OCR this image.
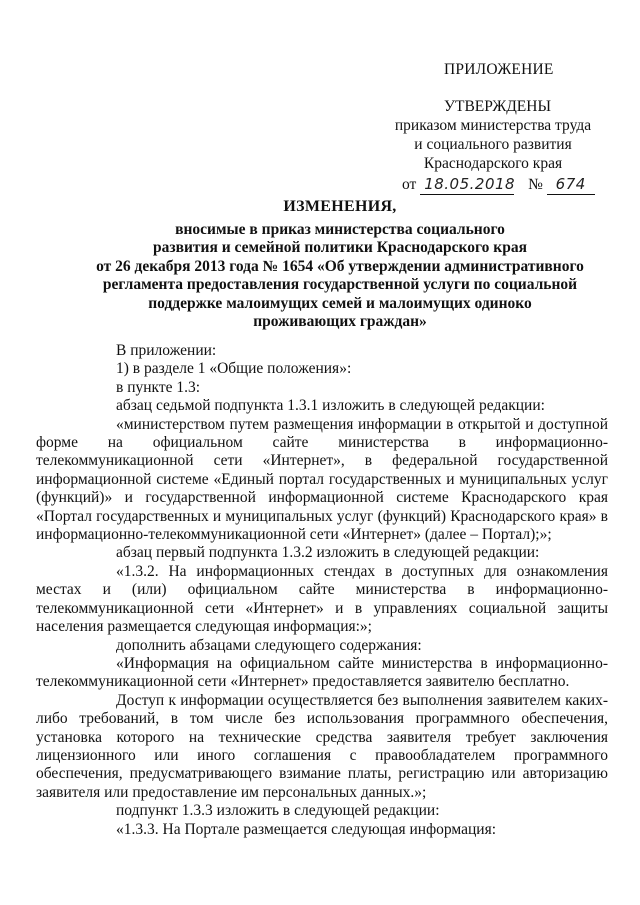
ПРИЛОЖЕНИЕ
УТВЕРЖДЕНЫ
приказом министерства труда
и социального развития
Краснодарского края
от 18.05.2018 № 674
ИЗМЕНЕНИЯ,
вносимые в приказ министерства социального
развития и семейной политики Краснодарского края
от 26 декабря 2013 года № 1654 «Об утверждении административного
регламента предоставления государственной услуги по социальной
поддержке малоимущих семей и малоимущих одиноко
проживающих граждан»

В приложении:

1) в разделе 1 «Общие положения»:

в пункте 1.3:

абзац седьмой подпункта 1.3.1 изложить в следующей редакции:

«министерством путем размещения информации в открытой и доступной форме на официальном сайте министерства в информационно-телекоммуникационной сети «Интернет», в федеральной государственной информационной системе «Единый портал государственных и муниципальных услуг (функций)» и государственной информационной системе Краснодарского края «Портал государственных и муниципальных услуг (функций) Краснодарского края» в информационно-телекоммуникационной сети «Интернет» (далее – Портал);»;

абзац первый подпункта 1.3.2 изложить в следующей редакции:

«1.3.2. На информационных стендах в доступных для ознакомления местах и (или) официальном сайте министерства в информационно-телекоммуникационной сети «Интернет» и в управлениях социальной защиты населения размещается следующая информация:»;

дополнить абзацами следующего содержания:

«Информация на официальном сайте министерства в информационно-телекоммуникационной сети «Интернет» предоставляется заявителю бесплатно.

Доступ к информации осуществляется без выполнения заявителем каких-либо требований, в том числе без использования программного обеспечения, установка которого на технические средства заявителя требует заключения лицензионного или иного соглашения с правообладателем программного обеспечения, предусматривающего взимание платы, регистрацию или авторизацию заявителя или предоставление им персональных данных.»;

подпункт 1.3.3 изложить в следующей редакции:

«1.3.3. На Портале размещается следующая информация:
